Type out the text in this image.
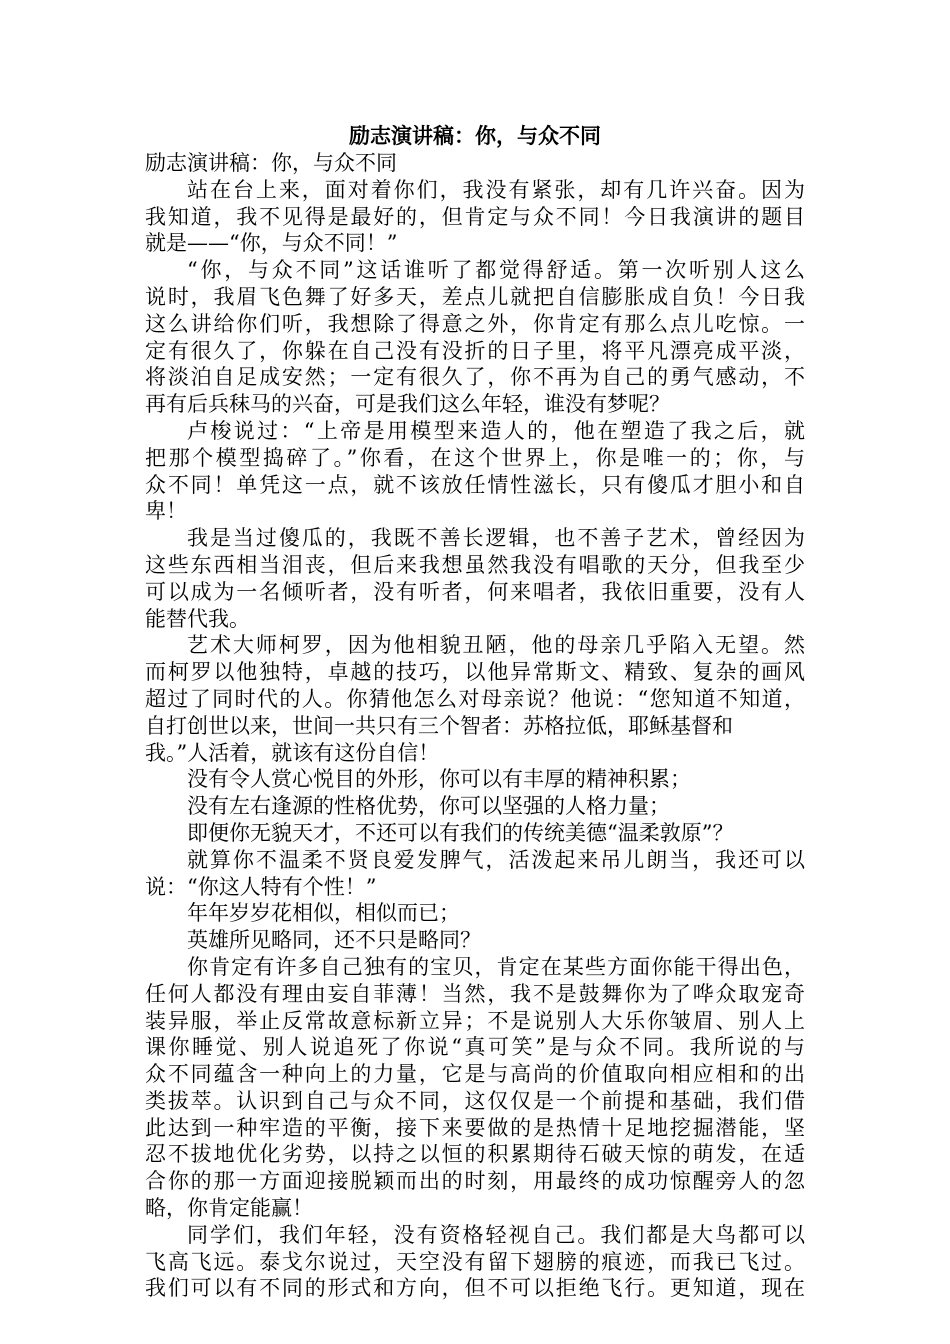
励志演讲稿：你，与众不同
励志演讲稿：你，与众不同
站在台上来，面对着你们，我没有紧张，却有几许兴奋。因为
我知道，我不见得是最好的，但肯定与众不同！今日我演讲的题目
就是——“你，与众不同！”
“你，与众不同”这话谁听了都觉得舒适。第一次听别人这么
说时，我眉飞色舞了好多天，差点儿就把自信膨胀成自负！今日我
这么讲给你们听，我想除了得意之外，你肯定有那么点儿吃惊。一
定有很久了，你躲在自己没有没折的日子里，将平凡漂亮成平淡，
将淡泊自足成安然；一定有很久了，你不再为自己的勇气感动，不
再有后兵秣马的兴奋，可是我们这么年轻，谁没有梦呢？
卢梭说过：“上帝是用模型来造人的，他在塑造了我之后，就
把那个模型捣碎了。”你看，在这个世界上，你是唯一的；你，与
众不同！单凭这一点，就不该放任情性滋长，只有傻瓜才胆小和自
卑！
我是当过傻瓜的，我既不善长逻辑，也不善子艺术，曾经因为
这些东西相当泪丧，但后来我想虽然我没有唱歌的天分，但我至少
可以成为一名倾听者，没有听者，何来唱者，我依旧重要，没有人
能替代我。
艺术大师柯罗，因为他相貌丑陋，他的母亲几乎陷入无望。然
而柯罗以他独特，卓越的技巧，以他异常斯文、精致、复杂的画风
超过了同时代的人。你猜他怎么对母亲说？他说：“您知道不知道，
自打创世以来，世间一共只有三个智者：苏格拉低，耶稣基督和
我。”人活着，就该有这份自信！
没有令人赏心悦目的外形，你可以有丰厚的精神积累；
没有左右逢源的性格优势，你可以坚强的人格力量；
即便你无貌天才，不还可以有我们的传统美德“温柔敦原”？
就算你不温柔不贤良爱发脾气，活泼起来吊儿朗当，我还可以
说：“你这人特有个性！”
年年岁岁花相似，相似而已；
英雄所见略同，还不只是略同？
你肯定有许多自己独有的宝贝，肯定在某些方面你能干得出色，
任何人都没有理由妄自菲薄！当然，我不是鼓舞你为了哗众取宠奇
装异服，举止反常故意标新立异；不是说别人大乐你皱眉、别人上
课你睡觉、别人说追死了你说“真可笑”是与众不同。我所说的与
众不同蕴含一种向上的力量，它是与高尚的价值取向相应相和的出
类拔萃。认识到自己与众不同，这仅仅是一个前提和基础，我们借
此达到一种牢造的平衡，接下来要做的是热情十足地挖掘潜能，坚
忍不拔地优化劣势，以持之以恒的积累期待石破天惊的萌发，在适
合你的那一方面迎接脱颖而出的时刻，用最终的成功惊醒旁人的忽
略，你肯定能赢！
同学们，我们年轻，没有资格轻视自己。我们都是大鸟都可以
飞高飞远。泰戈尔说过，天空没有留下翅膀的痕迹，而我已飞过。
我们可以有不同的形式和方向，但不可以拒绝飞行。更知道，现在
